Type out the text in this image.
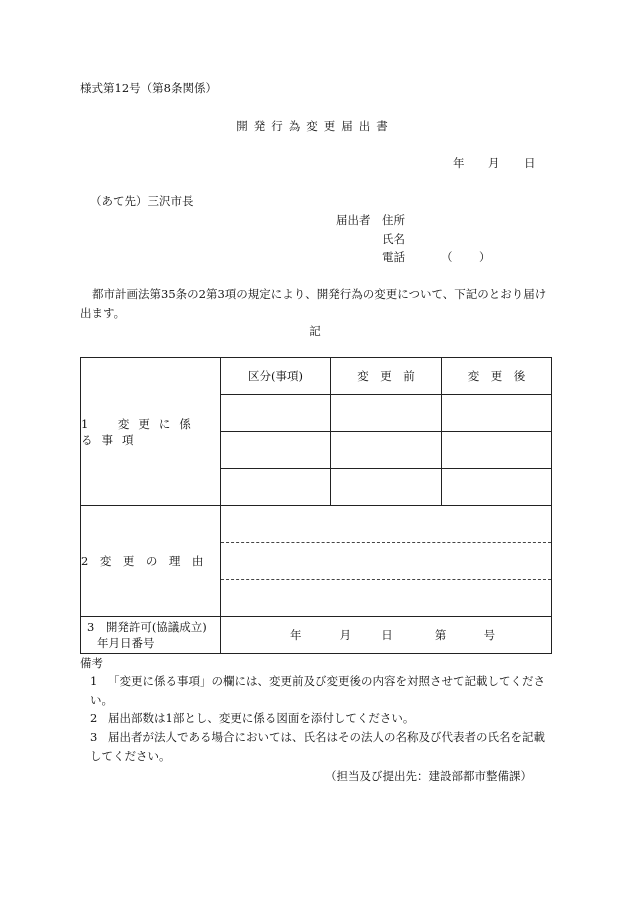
様式第12号（第8条関係）
開発行為変更届出書
年 月 日
（あて先）三沢市長
届出者 住所
氏名
電話	（ ）
都市計画法第35条の2第3項の規定により、開発行為の変更について、下記のとおり届け出ます。
記
1　変更に係る事項	区分(事項)	変　更　前	変　更　後

2　変　更　の　理　由			

3　開発許可(協議成立)
年月日番号	年 月 日 第 号		
備考
1 「変更に係る事項」の欄には、変更前及び変更後の内容を対照させて記載してください。
2 届出部数は1部とし、変更に係る図面を添付してください。
3 届出者が法人である場合においては、氏名はその法人の名称及び代表者の氏名を記載してください。
（担当及び提出先：建設部都市整備課）
